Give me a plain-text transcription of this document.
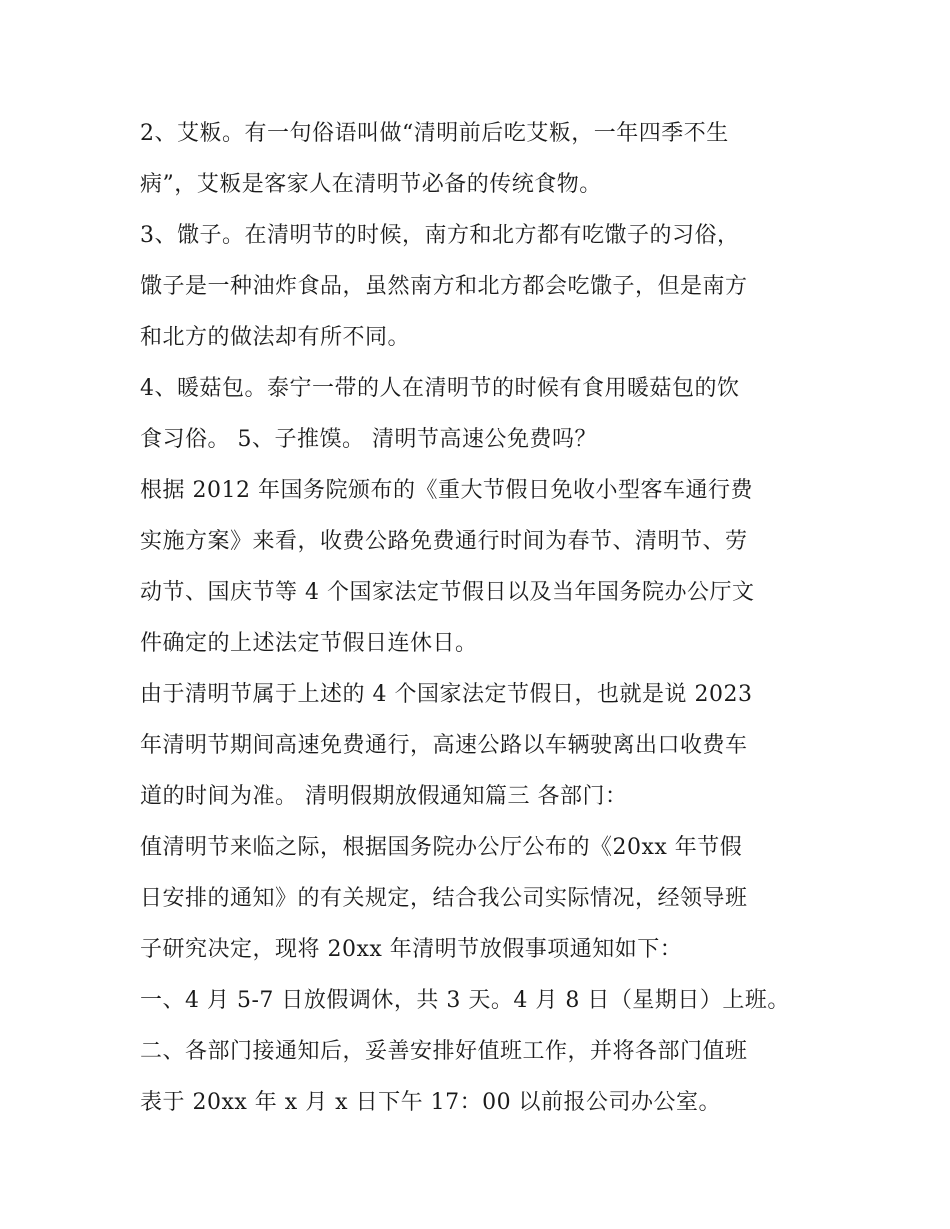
2、艾粄。有一句俗语叫做“清明前后吃艾粄，一年四季不生
病”，艾粄是客家人在清明节必备的传统食物。
3、馓子。在清明节的时候，南方和北方都有吃馓子的习俗，
馓子是一种油炸食品，虽然南方和北方都会吃馓子，但是南方
和北方的做法却有所不同。
4、暖菇包。泰宁一带的人在清明节的时候有食用暖菇包的饮
食习俗。 5、子推馍。 清明节高速公免费吗？
根据 2012 年国务院颁布的《重大节假日免收小型客车通行费
实施方案》来看，收费公路免费通行时间为春节、清明节、劳
动节、国庆节等 4 个国家法定节假日以及当年国务院办公厅文
件确定的上述法定节假日连休日。
由于清明节属于上述的 4 个国家法定节假日，也就是说 2023
年清明节期间高速免费通行，高速公路以车辆驶离出口收费车
道的时间为准。 清明假期放假通知篇三 各部门：
值清明节来临之际，根据国务院办公厅公布的《20xx 年节假
日安排的通知》的有关规定，结合我公司实际情况，经领导班
子研究决定，现将 20xx 年清明节放假事项通知如下：
一、4 月 5-7 日放假调休，共 3 天。4 月 8 日（星期日）上班。
二、各部门接通知后，妥善安排好值班工作，并将各部门值班
表于 20xx 年 x 月 x 日下午 17：00 以前报公司办公室。
